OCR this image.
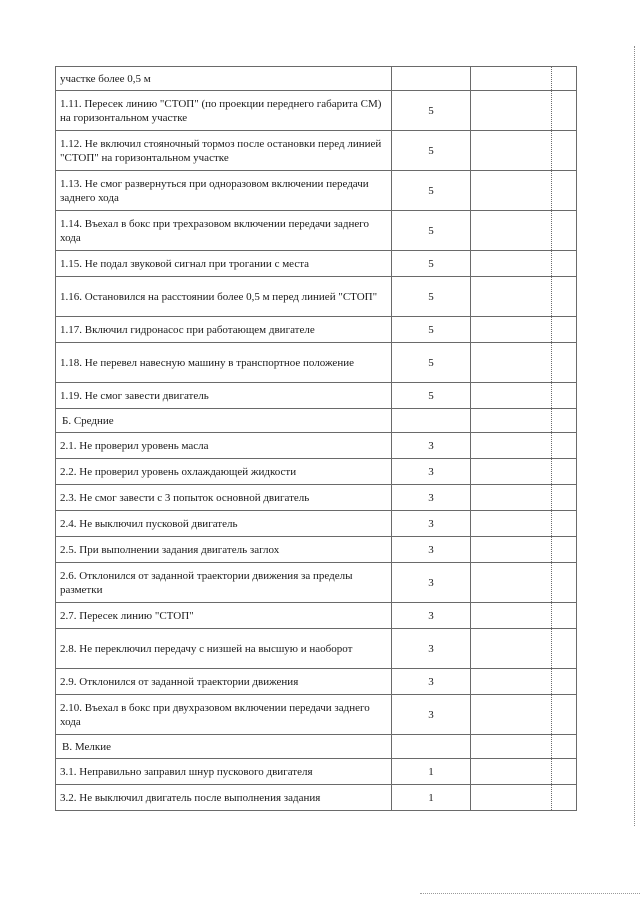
участке более 0,5 м			
1.11. Пересек линию "СТОП" (по проекции переднего габарита СМ) на горизонтальном участке	5		
1.12. Не включил стояночный тормоз после остановки перед линией "СТОП" на горизонтальном участке	5		
1.13. Не смог развернуться при одноразовом включении передачи заднего хода	5		
1.14. Въехал в бокс при трехразовом включении передачи заднего хода	5		
1.15. Не подал звуковой сигнал при трогании с места	5		
1.16. Остановился на расстоянии более 0,5 м перед линией "СТОП"	5		
1.17. Включил гидронасос при работающем двигателе	5		
1.18. Не перевел навесную машину в транспортное положение	5		
1.19. Не смог завести двигатель	5		
Б. Средние			
2.1. Не проверил уровень масла	3		
2.2. Не проверил уровень охлаждающей жидкости	3		
2.3. Не смог завести с 3 попыток основной двигатель	3		
2.4. Не выключил пусковой двигатель	3		
2.5. При выполнении задания двигатель заглох	3		
2.6. Отклонился от заданной траектории движения за пределы разметки	3		
2.7. Пересек линию "СТОП"	3		
2.8. Не переключил передачу с низшей на высшую и наоборот	3		
2.9. Отклонился от заданной траектории движения	3		
2.10. Въехал в бокс при двухразовом включении передачи заднего хода	3		
В. Мелкие			
3.1. Неправильно заправил шнур пускового двигателя	1		
3.2. Не выключил двигатель после выполнения задания	1		
